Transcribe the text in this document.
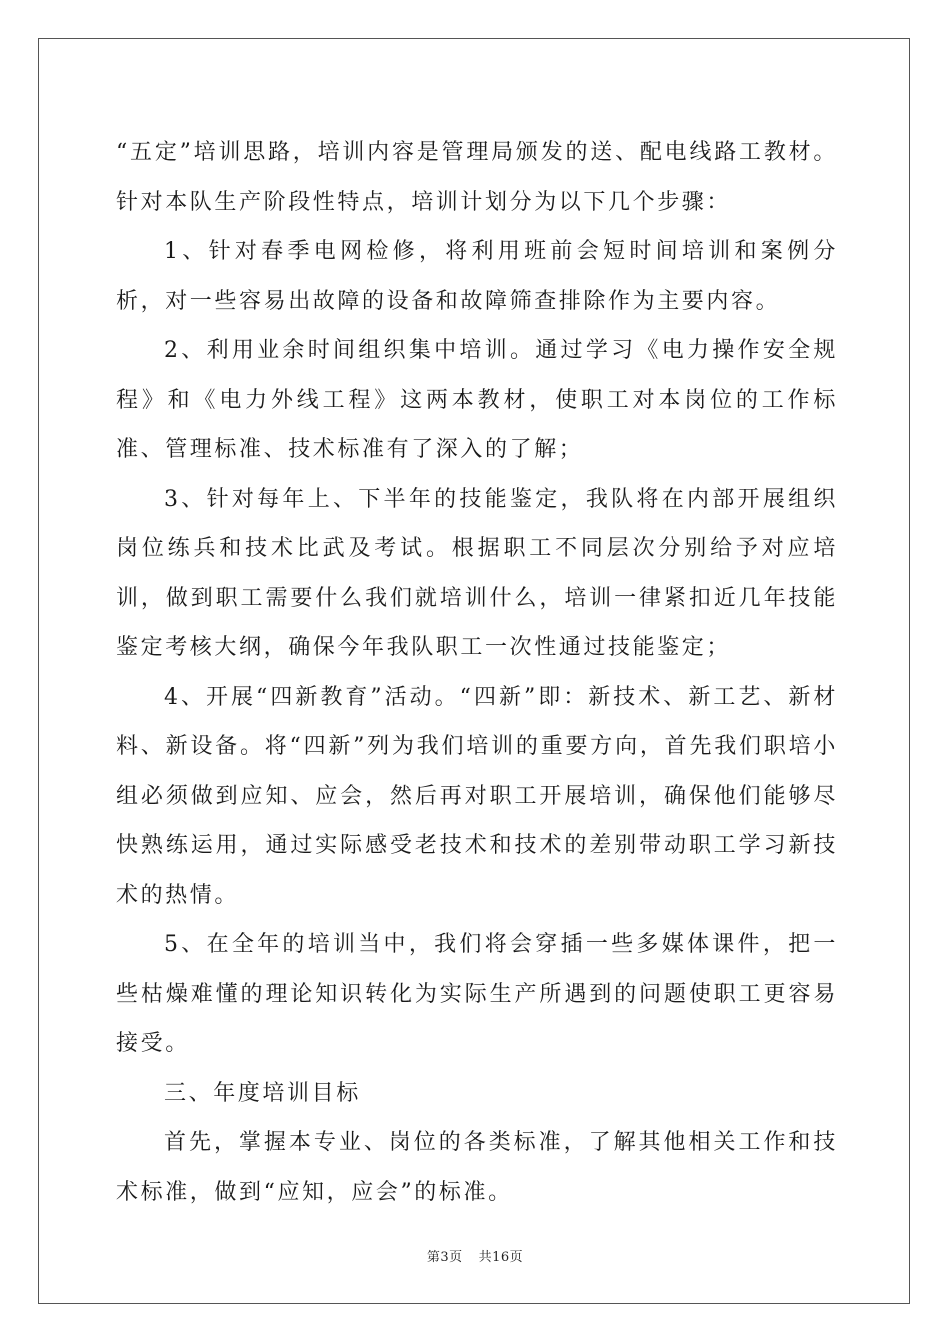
“五定”培训思路，培训内容是管理局颁发的送、配电线路工教材。针对本队生产阶段性特点，培训计划分为以下几个步骤：

1、针对春季电网检修，将利用班前会短时间培训和案例分析，对一些容易出故障的设备和故障筛查排除作为主要内容。

2、利用业余时间组织集中培训。通过学习《电力操作安全规程》和《电力外线工程》这两本教材，使职工对本岗位的工作标准、管理标准、技术标准有了深入的了解；

3、针对每年上、下半年的技能鉴定，我队将在内部开展组织岗位练兵和技术比武及考试。根据职工不同层次分别给予对应培训，做到职工需要什么我们就培训什么，培训一律紧扣近几年技能鉴定考核大纲，确保今年我队职工一次性通过技能鉴定；

4、开展“四新教育”活动。“四新”即：新技术、新工艺、新材料、新设备。将“四新”列为我们培训的重要方向，首先我们职培小组必须做到应知、应会，然后再对职工开展培训，确保他们能够尽快熟练运用，通过实际感受老技术和技术的差别带动职工学习新技术的热情。

5、在全年的培训当中，我们将会穿插一些多媒体课件，把一些枯燥难懂的理论知识转化为实际生产所遇到的问题使职工更容易接受。

三、年度培训目标

首先，掌握本专业、岗位的各类标准，了解其他相关工作和技术标准，做到“应知，应会”的标准。

第3页 共16页
